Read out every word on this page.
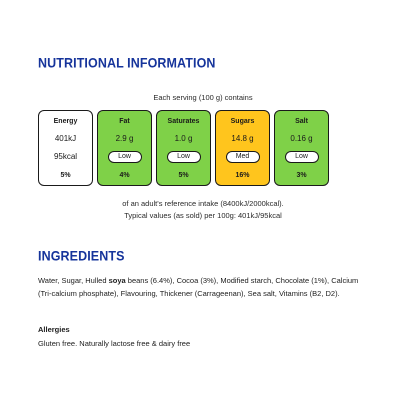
NUTRITIONAL INFORMATION
Each serving (100 g) contains
Energy
401kJ
95kcal
5%
Fat
2.9 g
Low
4%
Saturates
1.0 g
Low
5%
Sugars
14.8 g
Med
16%
Salt
0.16 g
Low
3%
of an adult's reference intake (8400kJ/2000kcal).
Typical values (as sold) per 100g: 401kJ/95kcal
INGREDIENTS
Water, Sugar, Hulled soya beans (6.4%), Cocoa (3%), Modified starch, Chocolate (1%), Calcium (Tri-calcium phosphate), Flavouring, Thickener (Carrageenan), Sea salt, Vitamins (B2, D2).
Allergies
Gluten free. Naturally lactose free & dairy free
